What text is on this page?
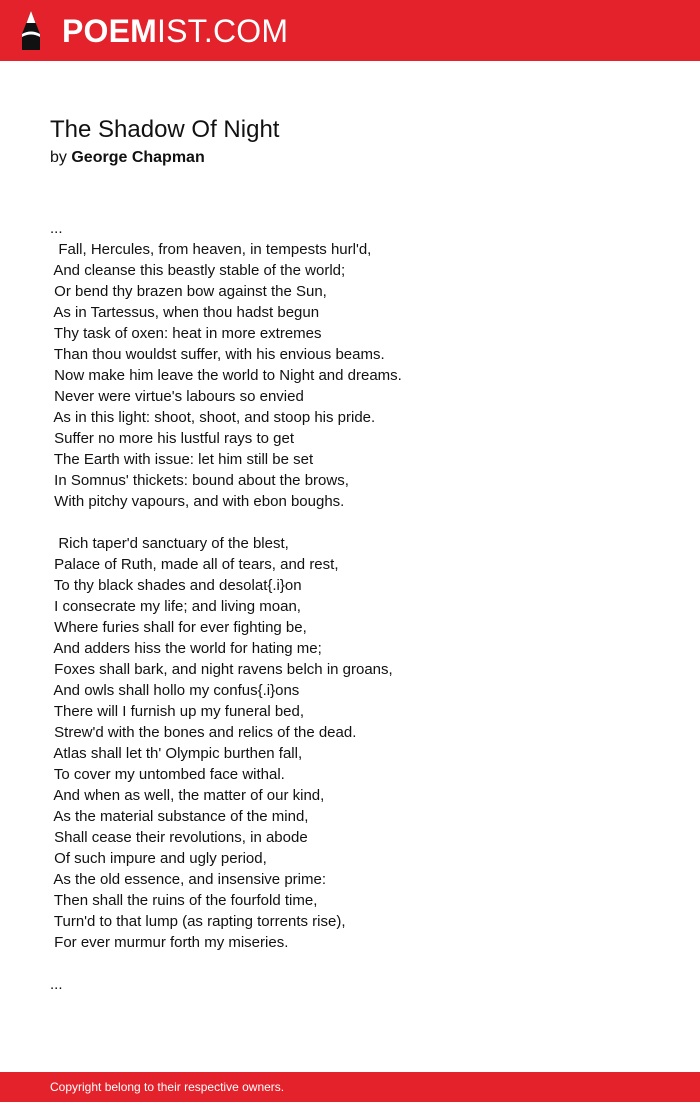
POEMIST.COM
The Shadow Of Night
by George Chapman
...
Fall, Hercules, from heaven, in tempests hurl'd,
And cleanse this beastly stable of the world;
Or bend thy brazen bow against the Sun,
As in Tartessus, when thou hadst begun
Thy task of oxen: heat in more extremes
Than thou wouldst suffer, with his envious beams.
Now make him leave the world to Night and dreams.
Never were virtue's labours so envied
As in this light: shoot, shoot, and stoop his pride.
Suffer no more his lustful rays to get
The Earth with issue: let him still be set
In Somnus' thickets: bound about the brows,
With pitchy vapours, and with ebon boughs.
Rich taper'd sanctuary of the blest,
Palace of Ruth, made all of tears, and rest,
To thy black shades and desolat{.i}on
I consecrate my life; and living moan,
Where furies shall for ever fighting be,
And adders hiss the world for hating me;
Foxes shall bark, and night ravens belch in groans,
And owls shall hollo my confus{.i}ons
There will I furnish up my funeral bed,
Strew'd with the bones and relics of the dead.
Atlas shall let th' Olympic burthen fall,
To cover my untombed face withal.
And when as well, the matter of our kind,
As the material substance of the mind,
Shall cease their revolutions, in abode
Of such impure and ugly period,
As the old essence, and insensive prime:
Then shall the ruins of the fourfold time,
Turn'd to that lump (as rapting torrents rise),
For ever murmur forth my miseries.
...
Copyright belong to their respective owners.
